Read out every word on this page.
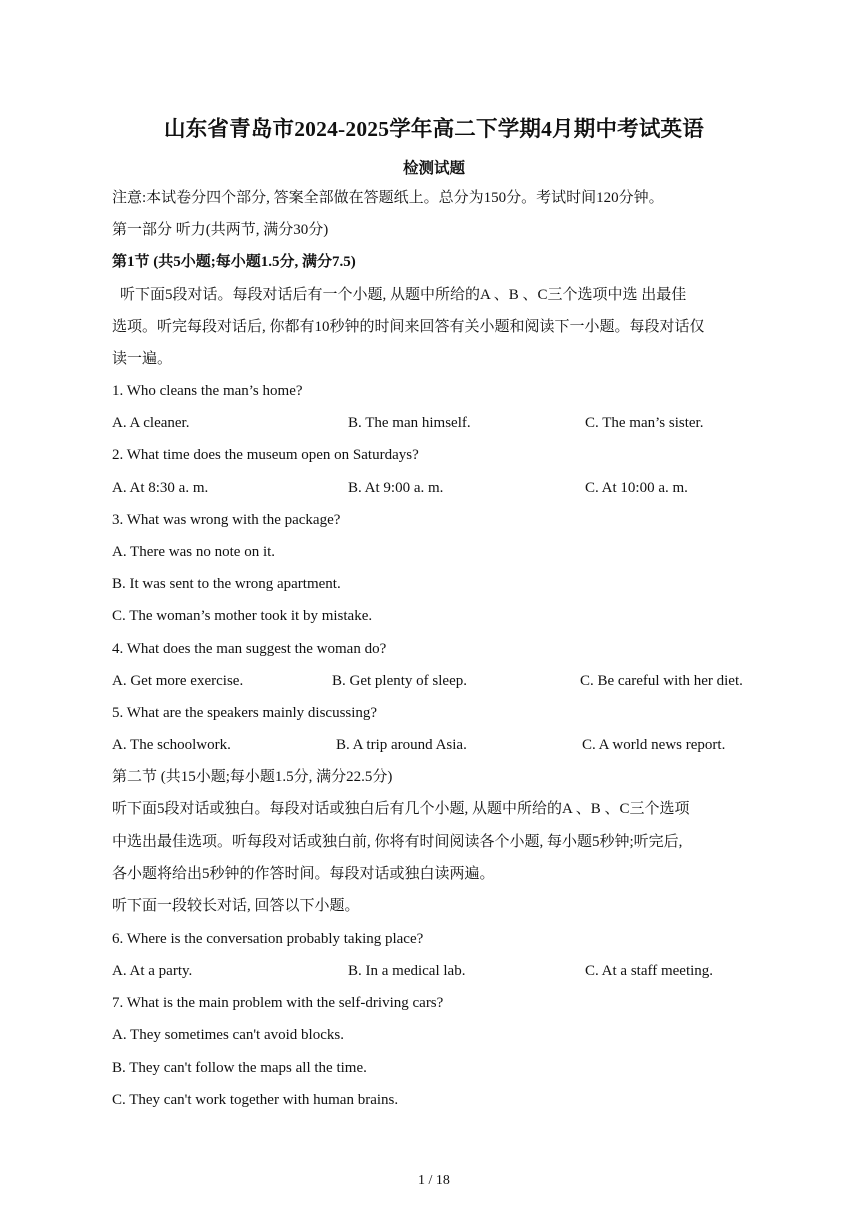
山东省青岛市2024-2025学年高二下学期4月期中考试英语
检测试题
注意:本试卷分四个部分, 答案全部做在答题纸上。总分为150分。考试时间120分钟。
第一部分 听力(共两节, 满分30分)
第1节 (共5小题;每小题1.5分, 满分7.5)
听下面5段对话。每段对话后有一个小题, 从题中所给的A 、B 、C三个选项中选 出最佳
选项。听完每段对话后, 你都有10秒钟的时间来回答有关小题和阅读下一小题。每段对话仅
读一遍。
1. Who cleans the man’s home?
A. A cleaner.	B. The man himself.	C. The man’s sister.
2. What time does the museum open on Saturdays?
A. At 8:30 a. m.	B. At 9:00 a. m.	C. At 10:00 a. m.
3. What was wrong with the package?
A. There was no note on it.
B. It was sent to the wrong apartment.
C. The woman’s mother took it by mistake.
4. What does the man suggest the woman do?
A. Get more exercise.	B. Get plenty of sleep.	C. Be careful with her diet.
5. What are the speakers mainly discussing?
A. The schoolwork.	B. A trip around Asia.	C. A world news report.
第二节 (共15小题;每小题1.5分, 满分22.5分)
听下面5段对话或独白。每段对话或独白后有几个小题, 从题中所给的A 、B 、C三个选项
中选出最佳选项。听每段对话或独白前, 你将有时间阅读各个小题, 每小题5秒钟;听完后,
各小题将给出5秒钟的作答时间。每段对话或独白读两遍。
听下面一段较长对话, 回答以下小题。
6. Where is the conversation probably taking place?
A. At a party.	B. In a medical lab.	C. At a staff meeting.
7. What is the main problem with the self-driving cars?
A. They sometimes can't avoid blocks.
B. They can't follow the maps all the time.
C. They can't work together with human brains.
1 / 18
